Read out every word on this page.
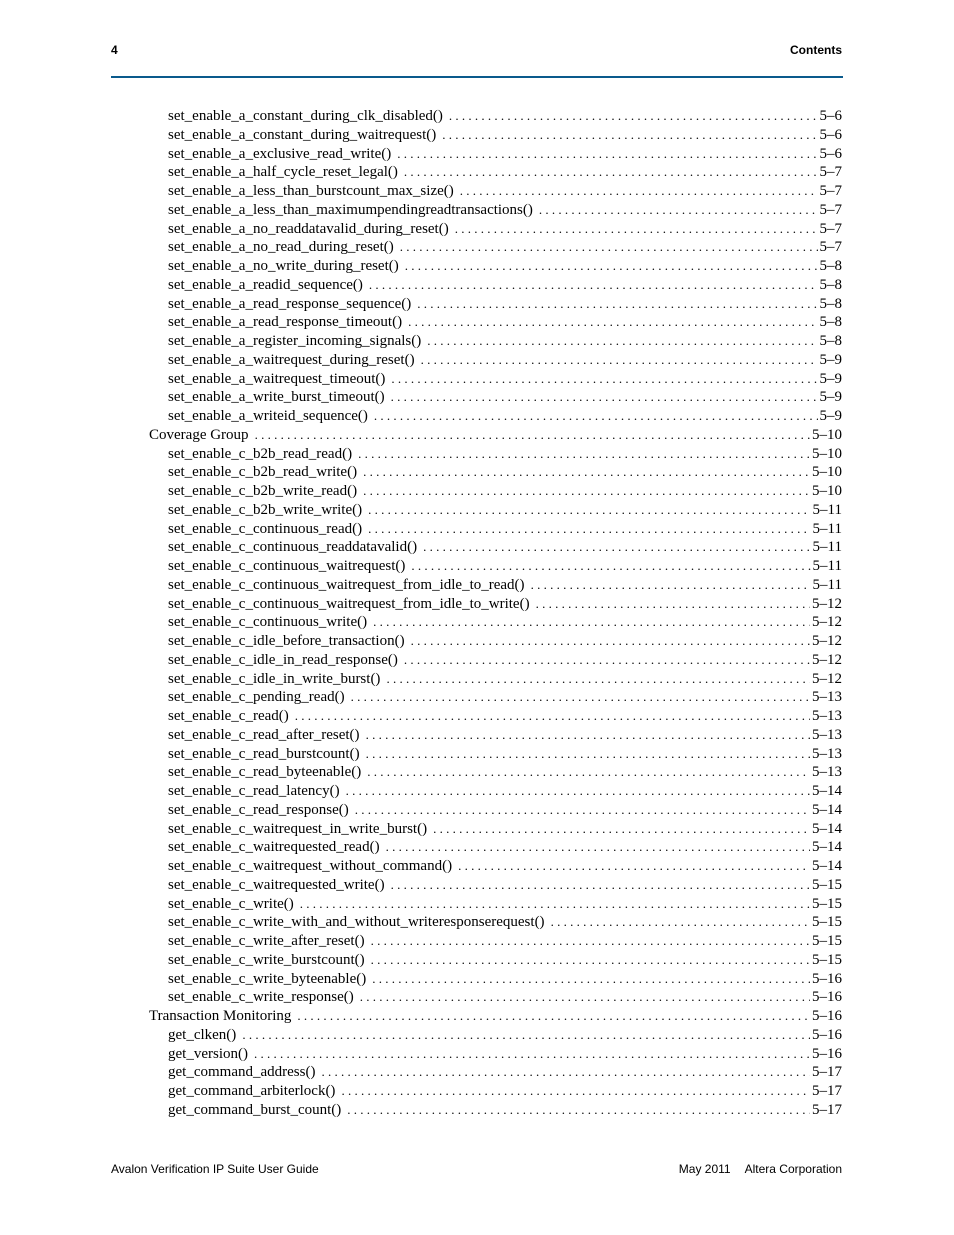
4	Contents
set_enable_a_constant_during_clk_disabled() . . .	5–6
set_enable_a_constant_during_waitrequest() . . .	5–6
set_enable_a_exclusive_read_write() . . .	5–6
set_enable_a_half_cycle_reset_legal() . . .	5–7
set_enable_a_less_than_burstcount_max_size() . . .	5–7
set_enable_a_less_than_maximumpendingreadtransactions() . . .	5–7
set_enable_a_no_readdatavalid_during_reset() . . .	5–7
set_enable_a_no_read_during_reset() . . .	5–7
set_enable_a_no_write_during_reset() . . .	5–8
set_enable_a_readid_sequence() . . .	5–8
set_enable_a_read_response_sequence() . . .	5–8
set_enable_a_read_response_timeout() . . .	5–8
set_enable_a_register_incoming_signals() . . .	5–8
set_enable_a_waitrequest_during_reset() . . .	5–9
set_enable_a_waitrequest_timeout() . . .	5–9
set_enable_a_write_burst_timeout() . . .	5–9
set_enable_a_writeid_sequence() . . .	5–9
Coverage Group . . .	5–10
set_enable_c_b2b_read_read() . . .	5–10
set_enable_c_b2b_read_write() . . .	5–10
set_enable_c_b2b_write_read() . . .	5–10
set_enable_c_b2b_write_write() . . .	5–11
set_enable_c_continuous_read() . . .	5–11
set_enable_c_continuous_readdatavalid() . . .	5–11
set_enable_c_continuous_waitrequest() . . .	5–11
set_enable_c_continuous_waitrequest_from_idle_to_read() . . .	5–11
set_enable_c_continuous_waitrequest_from_idle_to_write() . . .	5–12
set_enable_c_continuous_write() . . .	5–12
set_enable_c_idle_before_transaction() . . .	5–12
set_enable_c_idle_in_read_response() . . .	5–12
set_enable_c_idle_in_write_burst() . . .	5–12
set_enable_c_pending_read() . . .	5–13
set_enable_c_read() . . .	5–13
set_enable_c_read_after_reset() . . .	5–13
set_enable_c_read_burstcount() . . .	5–13
set_enable_c_read_byteenable() . . .	5–13
set_enable_c_read_latency() . . .	5–14
set_enable_c_read_response() . . .	5–14
set_enable_c_waitrequest_in_write_burst() . . .	5–14
set_enable_c_waitrequested_read() . . .	5–14
set_enable_c_waitrequest_without_command() . . .	5–14
set_enable_c_waitrequested_write() . . .	5–15
set_enable_c_write() . . .	5–15
set_enable_c_write_with_and_without_writeresponserequest() . . .	5–15
set_enable_c_write_after_reset() . . .	5–15
set_enable_c_write_burstcount() . . .	5–15
set_enable_c_write_byteenable() . . .	5–16
set_enable_c_write_response() . . .	5–16
Transaction Monitoring . . .	5–16
get_clken() . . .	5–16
get_version() . . .	5–16
get_command_address() . . .	5–17
get_command_arbiterlock() . . .	5–17
get_command_burst_count() . . .	5–17
Avalon Verification IP Suite User Guide	May 2011 Altera Corporation
